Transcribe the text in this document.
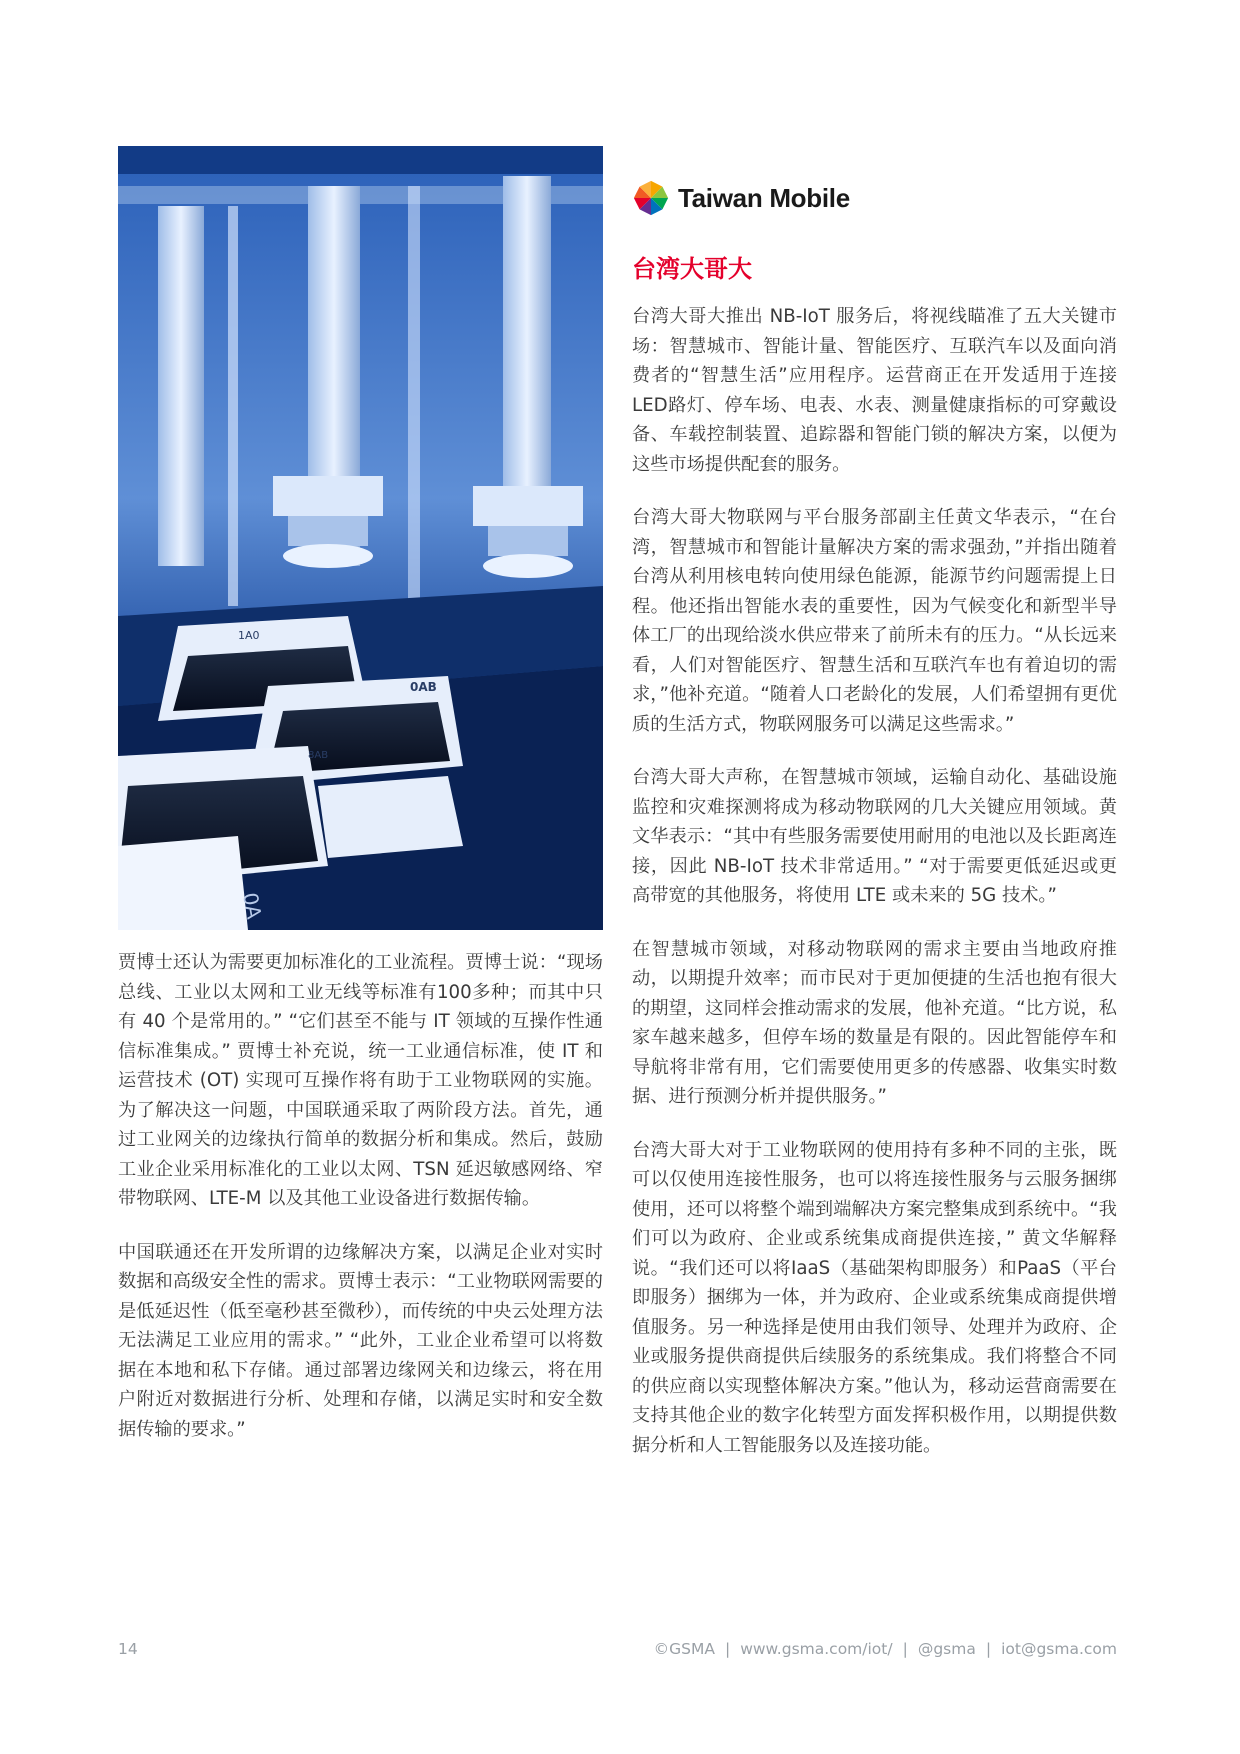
1A0
0AB
8AB
0A

贾博士还认为需要更加标准化的工业流程。贾博士说：“现场总线、工业以太网和工业无线等标准有100多种；而其中只有 40 个是常用的。” “它们甚至不能与 IT 领域的互操作性通信标准集成。” 贾博士补充说，统一工业通信标准，使 IT 和运营技术 (OT) 实现可互操作将有助于工业物联网的实施。为了解决这一问题，中国联通采取了两阶段方法。首先，通过工业网关的边缘执行简单的数据分析和集成。然后，鼓励工业企业采用标准化的工业以太网、TSN 延迟敏感网络、窄带物联网、LTE-M 以及其他工业设备进行数据传输。

中国联通还在开发所谓的边缘解决方案，以满足企业对实时数据和高级安全性的需求。贾博士表示：“工业物联网需要的是低延迟性（低至毫秒甚至微秒），而传统的中央云处理方法无法满足工业应用的需求。” “此外，工业企业希望可以将数据在本地和私下存储。通过部署边缘网关和边缘云，将在用户附近对数据进行分析、处理和存储，以满足实时和安全数据传输的要求。”

Taiwan Mobile
台湾大哥大

台湾大哥大推出 NB-IoT 服务后，将视线瞄准了五大关键市场：智慧城市、智能计量、智能医疗、互联汽车以及面向消费者的“智慧生活”应用程序。运营商正在开发适用于连接LED路灯、停车场、电表、水表、测量健康指标的可穿戴设备、车载控制装置、追踪器和智能门锁的解决方案，以便为这些市场提供配套的服务。

台湾大哥大物联网与平台服务部副主任黄文华表示，“在台湾，智慧城市和智能计量解决方案的需求强劲，”并指出随着台湾从利用核电转向使用绿色能源，能源节约问题需提上日程。他还指出智能水表的重要性，因为气候变化和新型半导体工厂的出现给淡水供应带来了前所未有的压力。“从长远来看，人们对智能医疗、智慧生活和互联汽车也有着迫切的需求，”他补充道。“随着人口老龄化的发展，人们希望拥有更优质的生活方式，物联网服务可以满足这些需求。”

台湾大哥大声称，在智慧城市领域，运输自动化、基础设施监控和灾难探测将成为移动物联网的几大关键应用领域。黄文华表示：“其中有些服务需要使用耐用的电池以及长距离连接，因此 NB-IoT 技术非常适用。” “对于需要更低延迟或更高带宽的其他服务，将使用 LTE 或未来的 5G 技术。”

在智慧城市领域，对移动物联网的需求主要由当地政府推动，以期提升效率；而市民对于更加便捷的生活也抱有很大的期望，这同样会推动需求的发展，他补充道。“比方说，私家车越来越多，但停车场的数量是有限的。因此智能停车和导航将非常有用，它们需要使用更多的传感器、收集实时数据、进行预测分析并提供服务。”

台湾大哥大对于工业物联网的使用持有多种不同的主张，既可以仅使用连接性服务，也可以将连接性服务与云服务捆绑使用，还可以将整个端到端解决方案完整集成到系统中。“我们可以为政府、企业或系统集成商提供连接，” 黄文华解释说。“我们还可以将IaaS（基础架构即服务）和PaaS（平台即服务）捆绑为一体，并为政府、企业或系统集成商提供增值服务。另一种选择是使用由我们领导、处理并为政府、企业或服务提供商提供后续服务的系统集成。我们将整合不同的供应商以实现整体解决方案。”他认为，移动运营商需要在支持其他企业的数字化转型方面发挥积极作用，以期提供数据分析和人工智能服务以及连接功能。

14	©GSMA | www.gsma.com/iot/ | @gsma | iot@gsma.com
